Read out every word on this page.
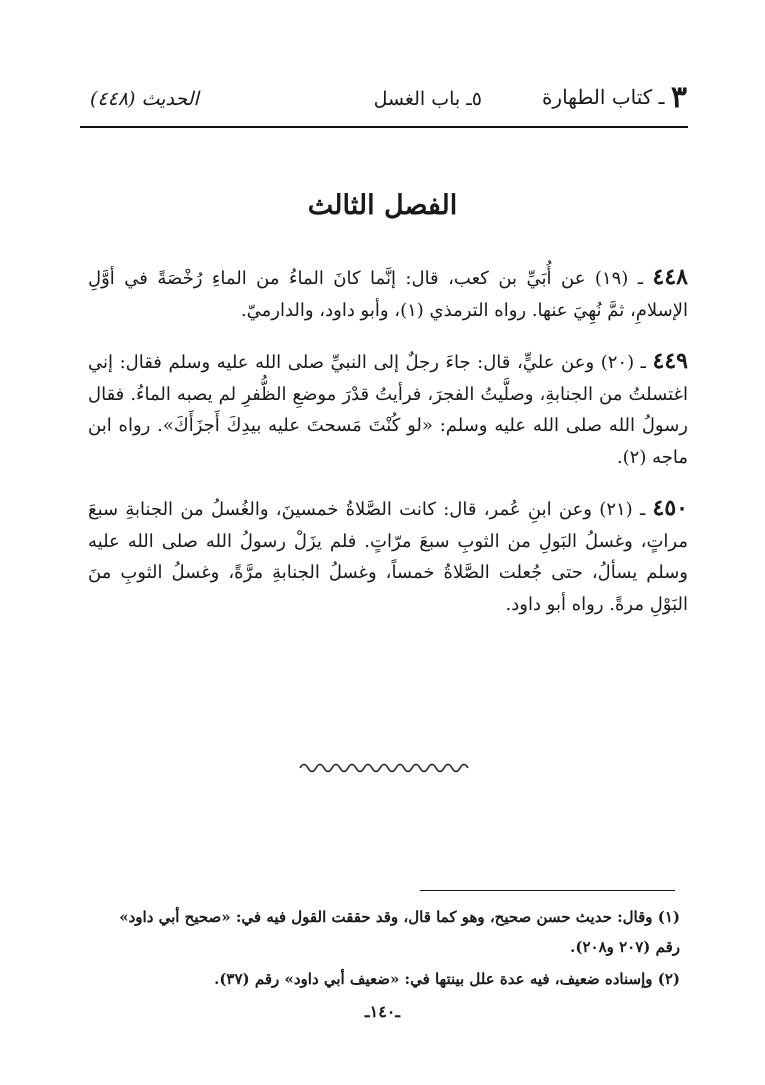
٣ ـ كتاب الطهارة
٥ـ باب الغسل
الحديث (٤٤٨)
الفصل الثالث

٤٤٨ ـ (١٩) عن أُبَيِّ بن كعب، قال: إنَّما كانَ الماءُ من الماءِ رُخْصَةً في أوَّلِ الإسلامِ، ثمَّ نُهِيَ عنها. رواه الترمذي (١)، وأبو داود، والدارميّ.

٤٤٩ ـ (٢٠) وعن عليٍّ، قال: جاءَ رجلٌ إلى النبيِّ صلى الله عليه وسلم فقال: إني اغتسلتُ من الجنابةِ، وصلَّيتُ الفجرَ، فرأيتُ قدْرَ موضعِ الظُّفرِ لم يصبه الماءُ. فقال رسولُ الله صلى الله عليه وسلم: «لو كُنْتَ مَسحتَ عليه بيدِكَ أَجزَأَكَ». رواه ابن ماجه (٢).

٤٥٠ ـ (٢١) وعن ابنِ عُمر، قال: كانت الصَّلاةُ خمسينَ، والغُسلُ من الجنابةِ سبعَ مراتٍ، وغسلُ البَولِ من الثوبِ سبعَ مرّاتٍ. فلم يزَلْ رسولُ الله صلى الله عليه وسلم يسألُ، حتى جُعلت الصَّلاةُ خمساً، وغسلُ الجنابةِ مرَّةً، وغسلُ الثوبِ منَ البَوْلِ مرةً. رواه أبو داود.

(١) وقال: حديث حسن صحيح، وهو كما قال، وقد حققت القول فيه في: «صحيح أبي داود» رقم (٢٠٧ و٢٠٨).

(٢) وإسناده ضعيف، فيه عدة علل بينتها في: «ضعيف أبي داود» رقم (٣٧).

ـ١٤٠ـ
